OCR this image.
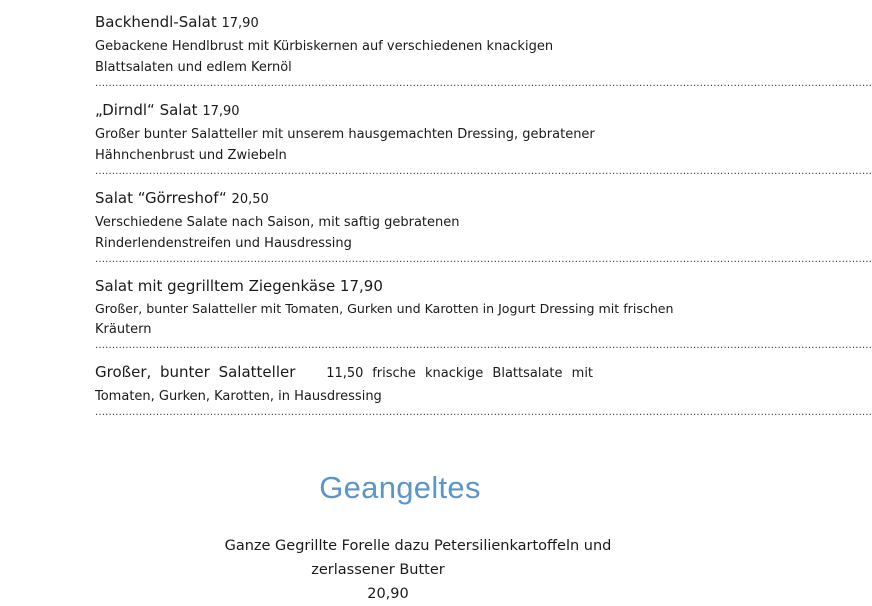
Backhendl-Salat 17,90
Gebackene Hendlbrust mit Kürbiskernen auf verschiedenen knackigen
Blattsalaten und edlem Kernöl
......................................................................................................................................................................................................................................
„Dirndl“ Salat 17,90
Großer bunter Salatteller mit unserem hausgemachten Dressing, gebratener
Hähnchenbrust und Zwiebeln
......................................................................................................................................................................................................................................
Salat “Görreshof“ 20,50
Verschiedene Salate nach Saison, mit saftig gebratenen
Rinderlendenstreifen und Hausdressing
......................................................................................................................................................................................................................................
Salat mit gegrilltem Ziegenkäse 17,90
Großer, bunter Salatteller mit Tomaten, Gurken und Karotten in Jogurt Dressing mit frischen
Kräutern
......................................................................................................................................................................................................................................
Großer, bunter Salatteller 11,50 frische knackige Blattsalate mit
Tomaten, Gurken, Karotten, in Hausdressing
......................................................................................................................................................................................................................................
Geangeltes
Ganze Gegrillte Forelle dazu Petersilienkartoffeln und
zerlassener Butter
20,90
